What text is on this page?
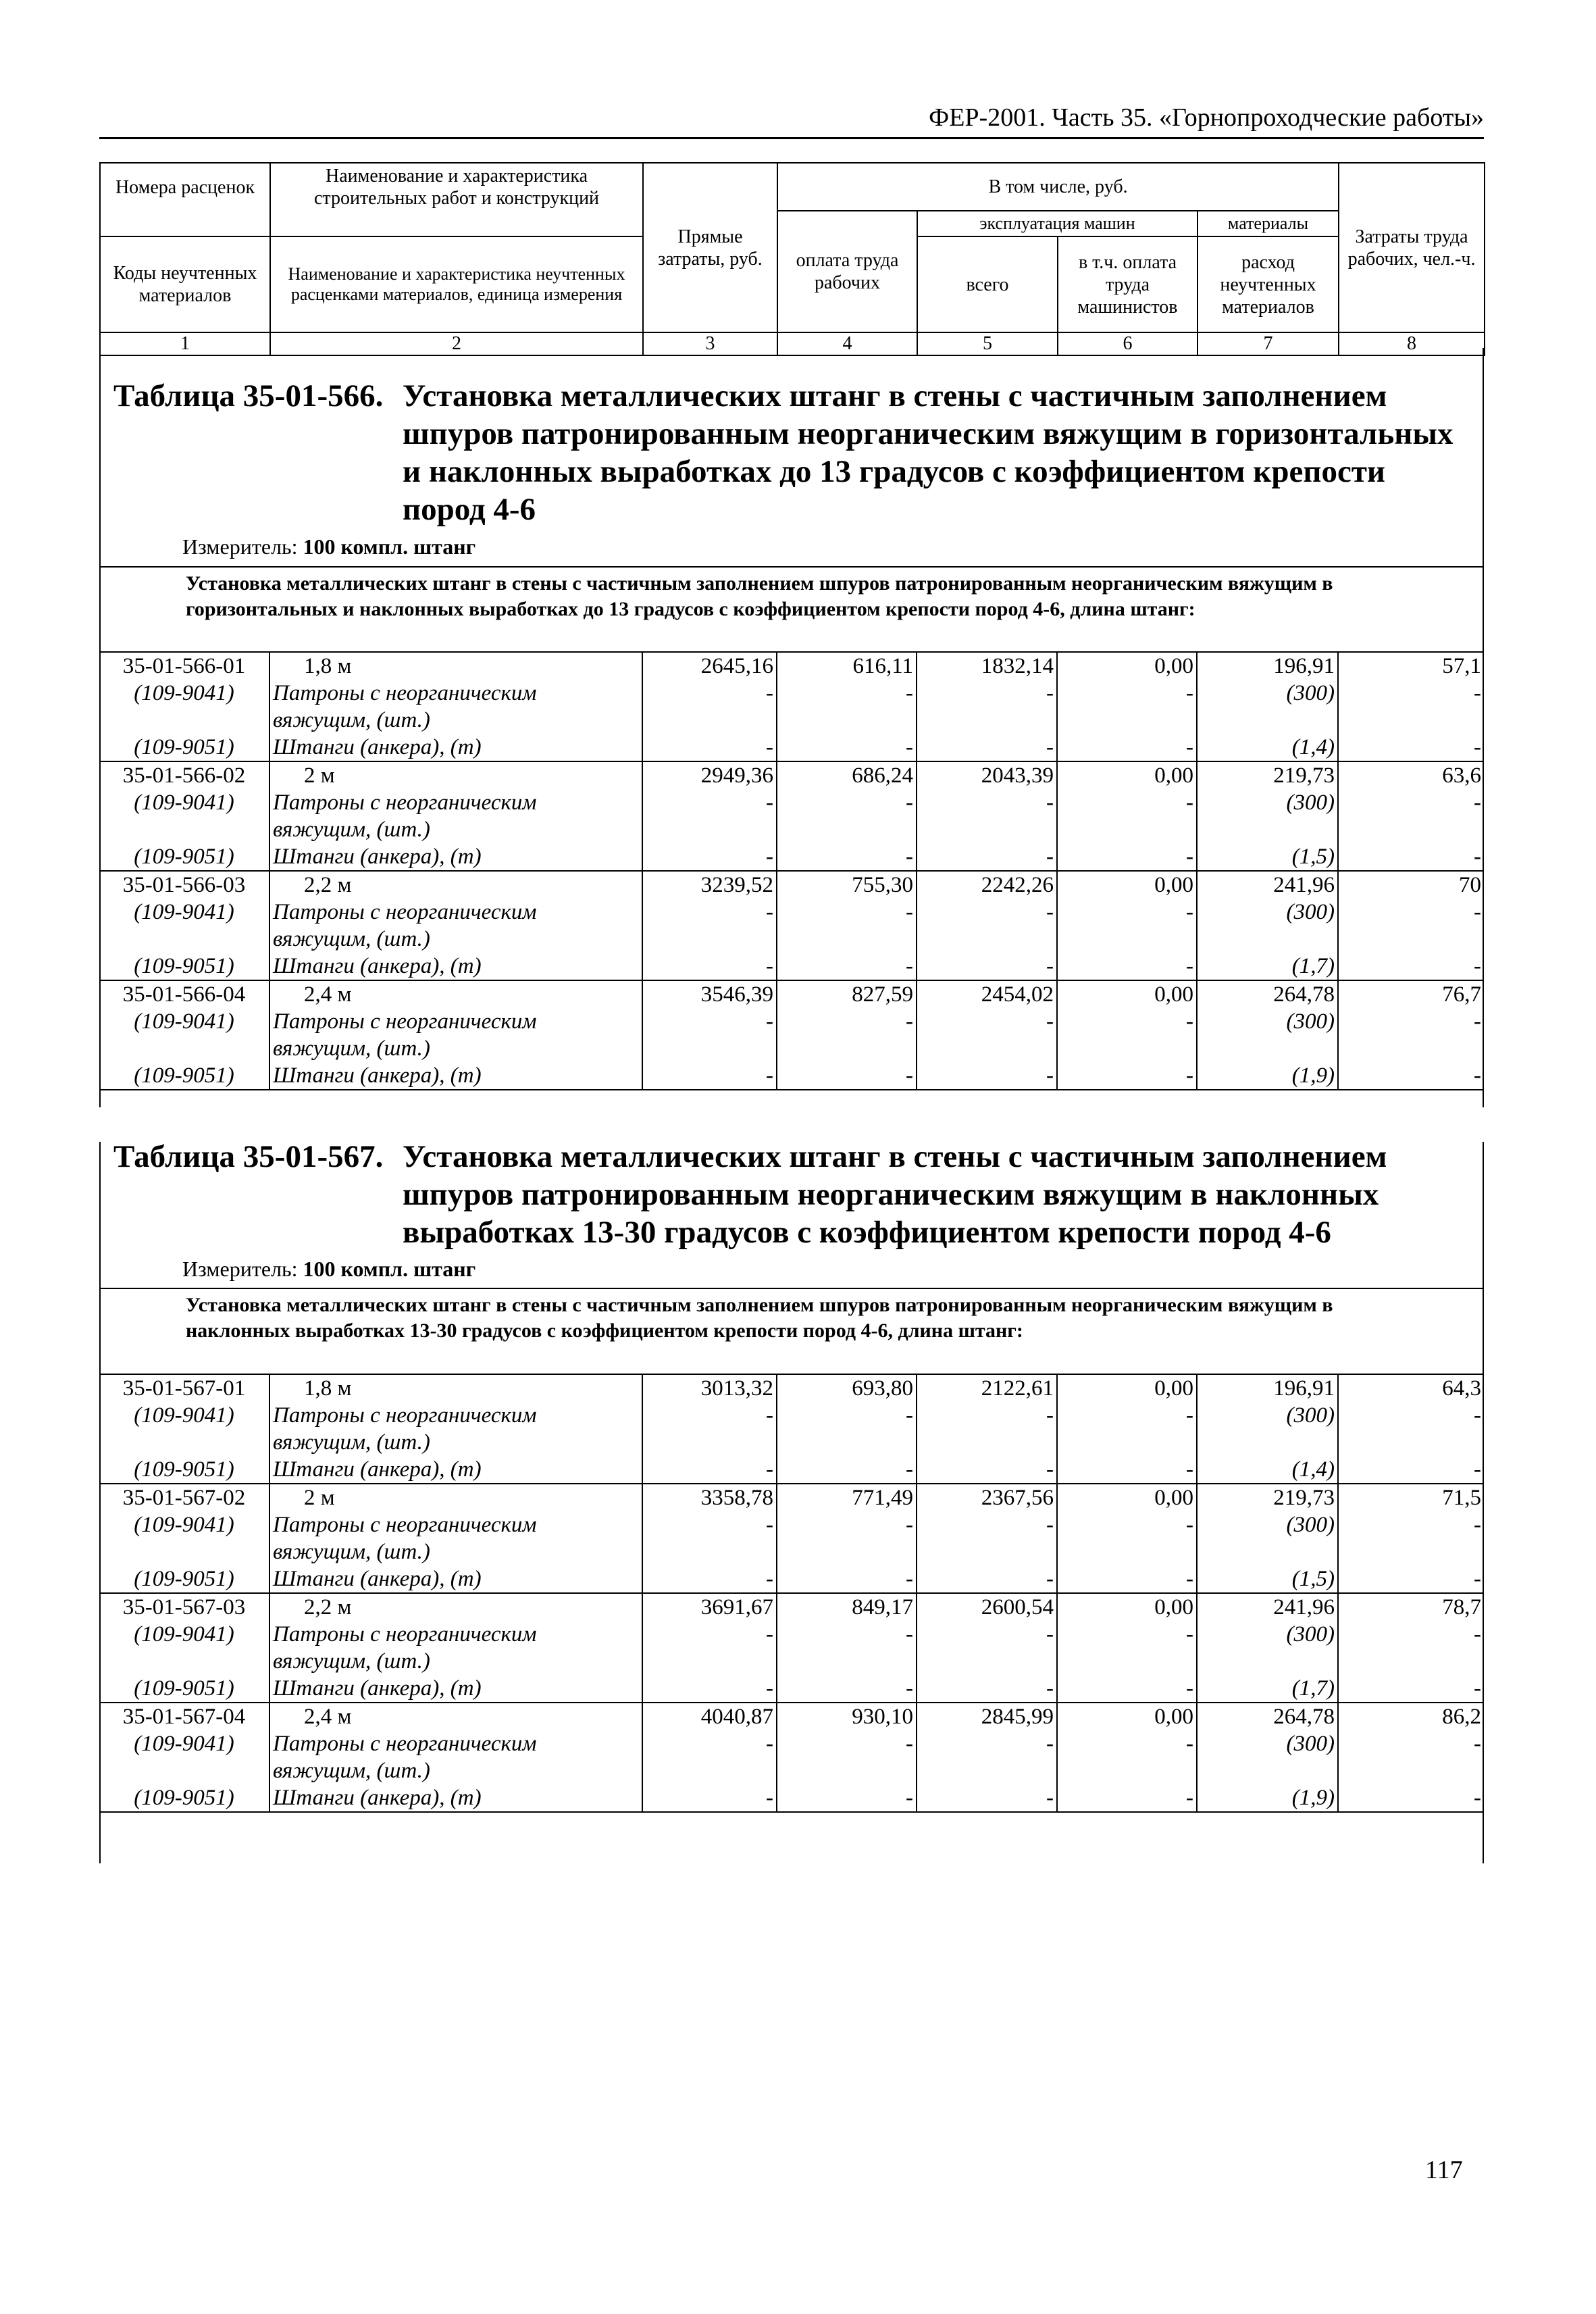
ФЕР-2001. Часть 35. «Горнопроходческие работы»
Номера расценок	Наименование и характеристика строительных работ и конструкций	Прямые затраты, руб.	В том числе, руб.				Затраты труда рабочих, чел.-ч.
			оплата труда рабочих	эксплуатация машин		материалы	
Коды неучтенных материалов	Наименование и характеристика неучтенных расценками материалов, единица измерения			всего	в т.ч. оплата труда машинистов	расход неучтенных материалов	
1	2	3	4	5	6	7	8
Таблица 35-01-566. Установка металлических штанг в стены с частичным заполнением шпуров патронированным неорганическим вяжущим в горизонтальных и наклонных выработках до 13 градусов с коэффициентом крепости пород 4-6
Измеритель: 100 компл. штанг
Установка металлических штанг в стены с частичным заполнением шпуров патронированным неорганическим вяжущим в горизонтальных и наклонных выработках до 13 градусов с коэффициентом крепости пород 4-6, длина штанг:
35-01-566-01	1,8 м	2645,16	616,11	1832,14	0,00	196,91	57,1
(109-9041)	Патроны с неорганическим вяжущим, (шт.)	-	-	-	-	(300)	-
(109-9051)	Штанги (анкера), (т)	-	-	-	-	(1,4)	-
35-01-566-02	2 м	2949,36	686,24	2043,39	0,00	219,73	63,6
(109-9041)	Патроны с неорганическим вяжущим, (шт.)	-	-	-	-	(300)	-
(109-9051)	Штанги (анкера), (т)	-	-	-	-	(1,5)	-
35-01-566-03	2,2 м	3239,52	755,30	2242,26	0,00	241,96	70
(109-9041)	Патроны с неорганическим вяжущим, (шт.)	-	-	-	-	(300)	-
(109-9051)	Штанги (анкера), (т)	-	-	-	-	(1,7)	-
35-01-566-04	2,4 м	3546,39	827,59	2454,02	0,00	264,78	76,7
(109-9041)	Патроны с неорганическим вяжущим, (шт.)	-	-	-	-	(300)	-
(109-9051)	Штанги (анкера), (т)	-	-	-	-	(1,9)	-
Таблица 35-01-567. Установка металлических штанг в стены с частичным заполнением шпуров патронированным неорганическим вяжущим в наклонных выработках 13-30 градусов с коэффициентом крепости пород 4-6
Измеритель: 100 компл. штанг
Установка металлических штанг в стены с частичным заполнением шпуров патронированным неорганическим вяжущим в наклонных выработках 13-30 градусов с коэффициентом крепости пород 4-6, длина штанг:
35-01-567-01	1,8 м	3013,32	693,80	2122,61	0,00	196,91	64,3
(109-9041)	Патроны с неорганическим вяжущим, (шт.)	-	-	-	-	(300)	-
(109-9051)	Штанги (анкера), (т)	-	-	-	-	(1,4)	-
35-01-567-02	2 м	3358,78	771,49	2367,56	0,00	219,73	71,5
(109-9041)	Патроны с неорганическим вяжущим, (шт.)	-	-	-	-	(300)	-
(109-9051)	Штанги (анкера), (т)	-	-	-	-	(1,5)	-
35-01-567-03	2,2 м	3691,67	849,17	2600,54	0,00	241,96	78,7
(109-9041)	Патроны с неорганическим вяжущим, (шт.)	-	-	-	-	(300)	-
(109-9051)	Штанги (анкера), (т)	-	-	-	-	(1,7)	-
35-01-567-04	2,4 м	4040,87	930,10	2845,99	0,00	264,78	86,2
(109-9041)	Патроны с неорганическим вяжущим, (шт.)	-	-	-	-	(300)	-
(109-9051)	Штанги (анкера), (т)	-	-	-	-	(1,9)	-
117
